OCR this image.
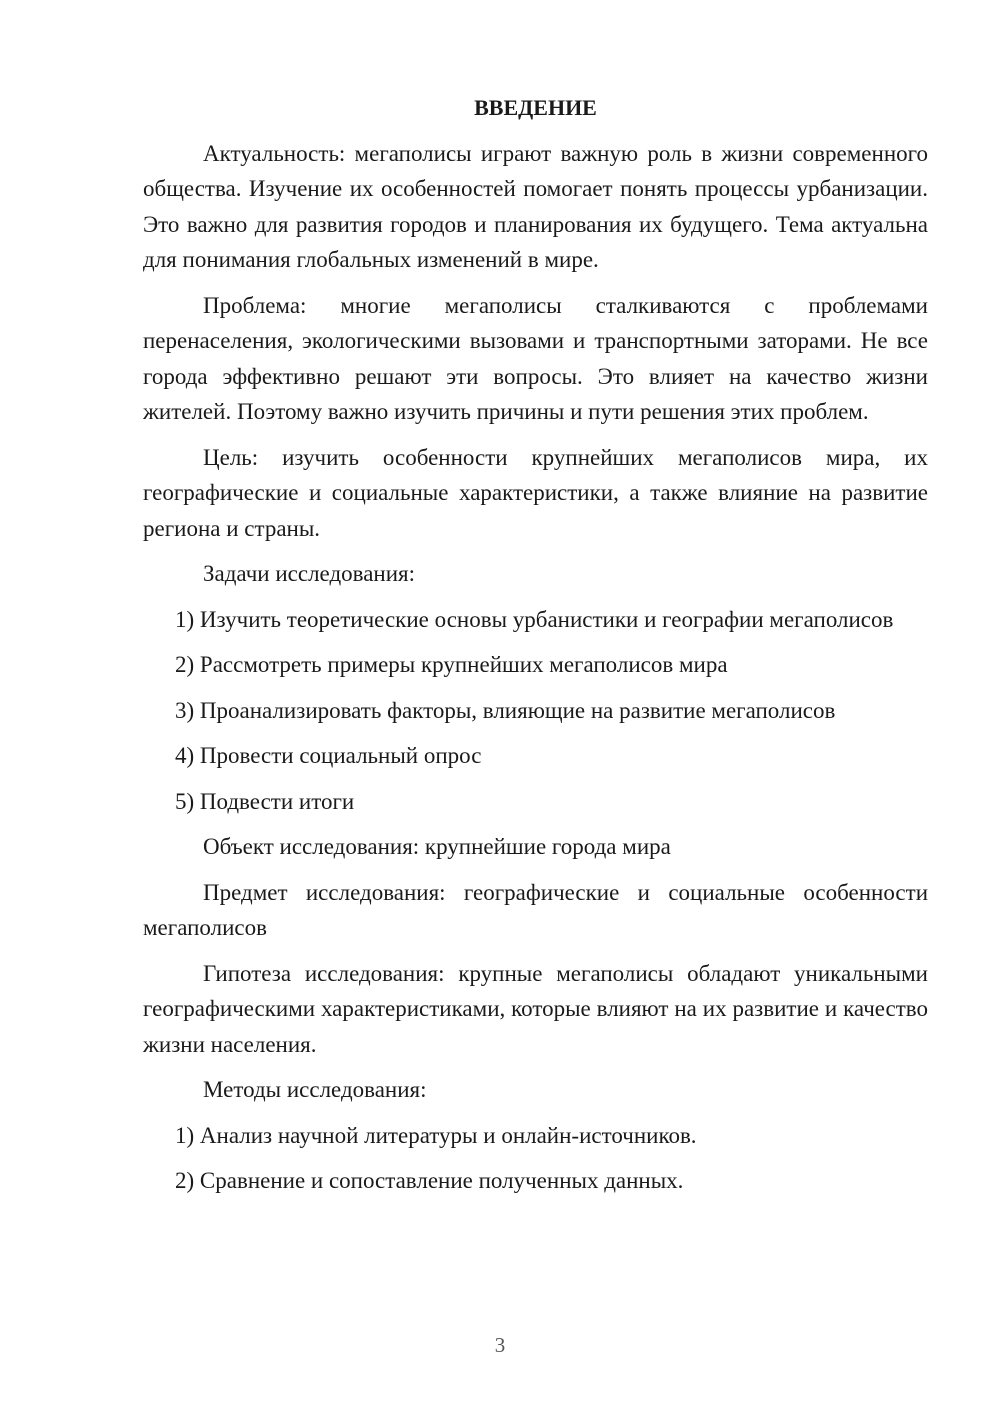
ВВЕДЕНИЕ

Актуальность: мегаполисы играют важную роль в жизни современного общества. Изучение их особенностей помогает понять процессы урбанизации. Это важно для развития городов и планирования их будущего. Тема актуальна для понимания глобальных изменений в мире.

Проблема: многие мегаполисы сталкиваются с проблемами перенаселения, экологическими вызовами и транспортными заторами. Не все города эффективно решают эти вопросы. Это влияет на качество жизни жителей. Поэтому важно изучить причины и пути решения этих проблем.

Цель: изучить особенности крупнейших мегаполисов мира, их географические и социальные характеристики, а также влияние на развитие региона и страны.

Задачи исследования:

1) Изучить теоретические основы урбанистики и географии мегаполисов

2) Рассмотреть примеры крупнейших мегаполисов мира

3) Проанализировать факторы, влияющие на развитие мегаполисов

4) Провести социальный опрос

5) Подвести итоги

Объект исследования: крупнейшие города мира

Предмет исследования: географические и социальные особенности мегаполисов

Гипотеза исследования: крупные мегаполисы обладают уникальными географическими характеристиками, которые влияют на их развитие и качество жизни населения.

Методы исследования:

1) Анализ научной литературы и онлайн-источников.

2) Сравнение и сопоставление полученных данных.

3
